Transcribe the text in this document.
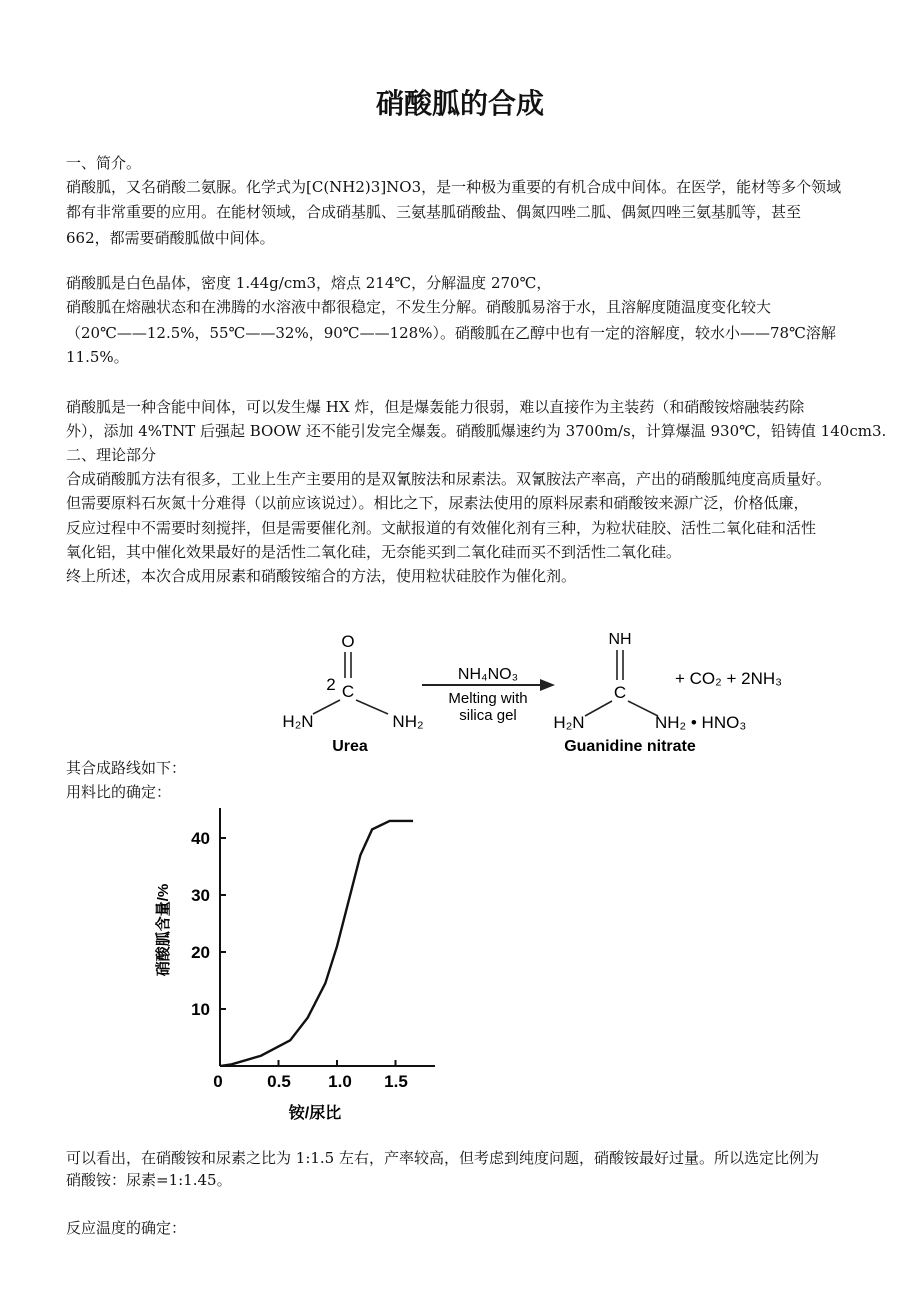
硝酸胍的合成
一、简介。
硝酸胍，又名硝酸二氨脲。化学式为[C(NH2)3]NO3，是一种极为重要的有机合成中间体。在医学，能材等多个领域
都有非常重要的应用。在能材领域，合成硝基胍、三氨基胍硝酸盐、偶氮四唑二胍、偶氮四唑三氨基胍等，甚至
662，都需要硝酸胍做中间体。
硝酸胍是白色晶体，密度 1.44g/cm3，熔点 214℃，分解温度 270℃，
硝酸胍在熔融状态和在沸腾的水溶液中都很稳定，不发生分解。硝酸胍易溶于水，且溶解度随温度变化较大
（20℃——12.5%，55℃——32%，90℃——128%）。硝酸胍在乙醇中也有一定的溶解度，较水小——78℃溶解
11.5%。
硝酸胍是一种含能中间体，可以发生爆 HX 炸，但是爆轰能力很弱，难以直接作为主装药（和硝酸铵熔融装药除
外），添加 4%TNT 后强起 BOOW 还不能引发完全爆轰。硝酸胍爆速约为 3700m/s，计算爆温 930℃，铅铸值 140cm3.
二、理论部分
合成硝酸胍方法有很多，工业上生产主要用的是双氰胺法和尿素法。双氰胺法产率高，产出的硝酸胍纯度高质量好。
但需要原料石灰氮十分难得（以前应该说过）。相比之下，尿素法使用的原料尿素和硝酸铵来源广泛，价格低廉，
反应过程中不需要时刻搅拌，但是需要催化剂。文献报道的有效催化剂有三种，为粒状硅胶、活性二氧化硅和活性
氧化铝，其中催化效果最好的是活性二氧化硅，无奈能买到二氧化硅而买不到活性二氧化硅。
终上所述，本次合成用尿素和硝酸铵缩合的方法，使用粒状硅胶作为催化剂。
O
2 C
H₂N	NH₂
Urea
NH₄NO₃
Melting with
silica gel
NH
C
H₂N	NH₂ • HNO₃
Guanidine nitrate
+ CO₂ + 2NH₃
其合成路线如下：
用料比的确定：
0	0.5 1.0 1.5
10
20
30
40
铵/尿比
硝酸胍含量/%
可以看出，在硝酸铵和尿素之比为 1:1.5 左右，产率较高，但考虑到纯度问题，硝酸铵最好过量。所以选定比例为
硝酸铵：尿素=1:1.45。
反应温度的确定：
